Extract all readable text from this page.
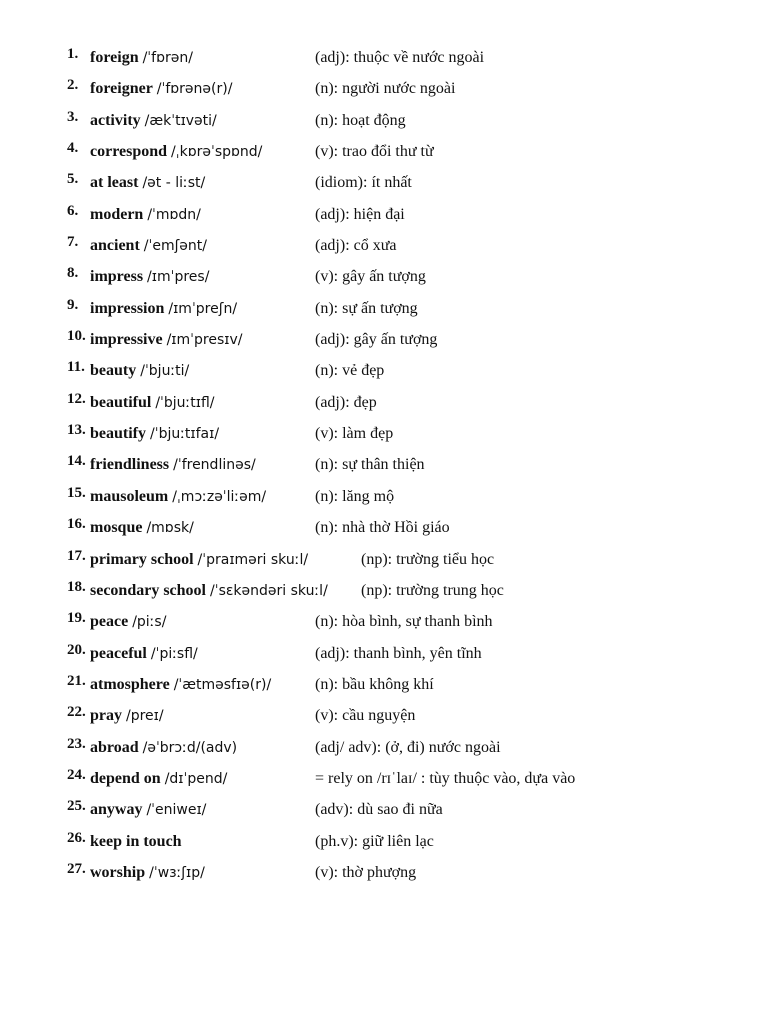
1. foreign /ˈfɒrən/	(adj): thuộc về nước ngoài
2. foreigner /ˈfɒrənə(r)/	(n): người nước ngoài
3. activity /ækˈtɪvəti/	(n): hoạt động
4. correspond /ˌkɒrəˈspɒnd/	(v): trao đổi thư từ
5. at least /ət - liːst/	(idiom): ít nhất
6. modern /ˈmɒdn/	(adj): hiện đại
7. ancient /ˈemʃənt/	(adj): cổ xưa
8. impress /ɪmˈpres/	(v): gây ấn tượng
9. impression /ɪmˈpreʃn/	(n): sự ấn tượng
10. impressive /ɪmˈpresɪv/	(adj): gây ấn tượng
11. beauty /ˈbjuːti/	(n): vẻ đẹp
12. beautiful /ˈbjuːtɪfl/	(adj): đẹp
13. beautify /ˈbjuːtɪfaɪ/	(v): làm đẹp
14. friendliness /ˈfrendlinəs/	(n): sự thân thiện
15. mausoleum /ˌmɔːzəˈliːəm/	(n): lăng mộ
16. mosque /mɒsk/	(n): nhà thờ Hồi giáo
17. primary school /ˈpraɪməri skuːl/	(np): trường tiểu học
18. secondary school /ˈsɛkəndəri skuːl/ (np): trường trung học
19. peace /piːs/	(n): hòa bình, sự thanh bình
20. peaceful /ˈpiːsfl/	(adj): thanh bình, yên tĩnh
21. atmosphere /ˈætməsfɪə(r)/	(n): bầu không khí
22. pray /preɪ/	(v): cầu nguyện
23. abroad /əˈbrɔːd/(adv)	(adj/ adv): (ở, đi) nước ngoài
24. depend on /dɪˈpend/	= rely on /rɪˈlaɪ/ : tùy thuộc vào, dựa vào
25. anyway /ˈeniweɪ/	(adv): dù sao đi nữa
26. keep in touch	(ph.v): giữ liên lạc
27. worship /ˈwɜːʃɪp/	(v): thờ phượng
